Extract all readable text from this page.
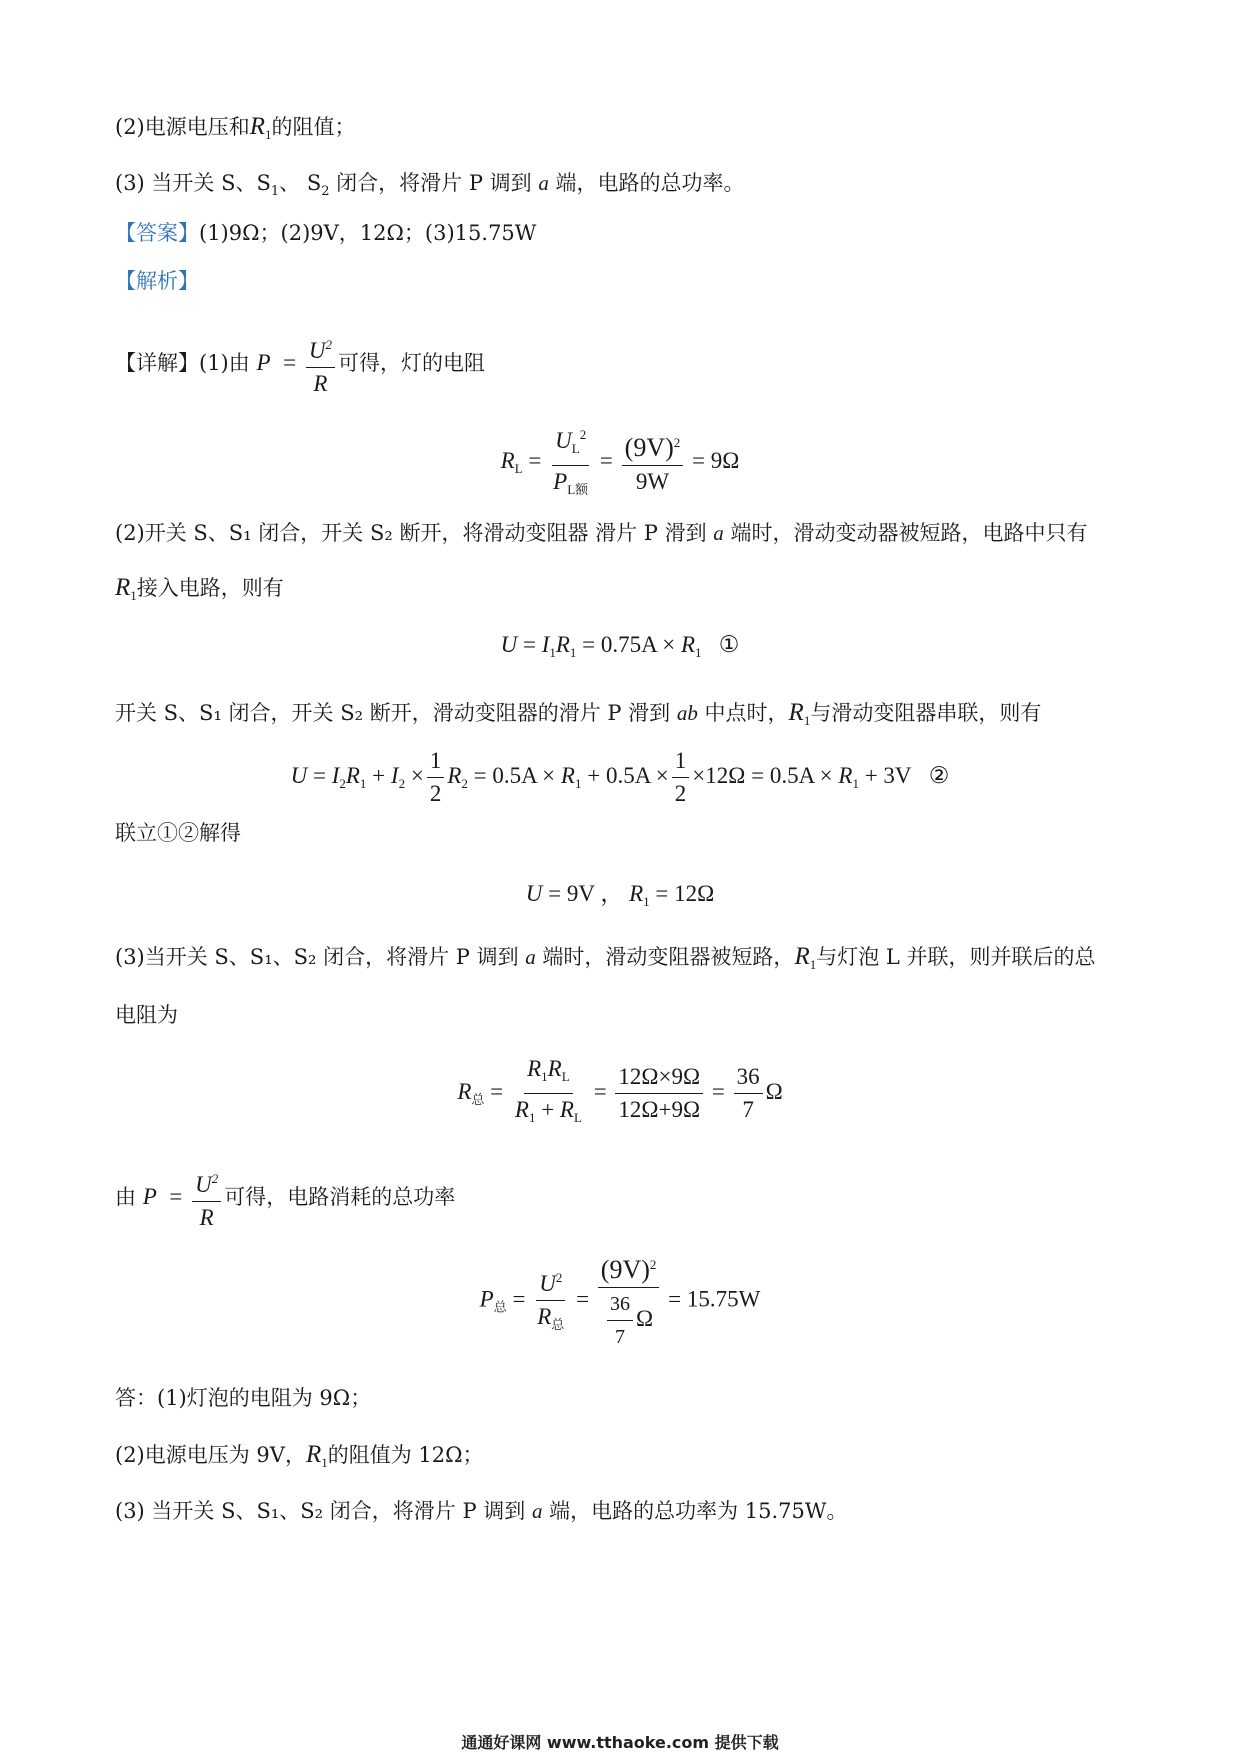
(2)电源电压和$R_1$的阻值；
(3) 当开关 S、$S_1$、 $S_2$ 闭合，将滑片 P 调到 a 端，电路的总功率。
【答案】(1)9Ω；(2)9V，12Ω；(3)15.75W
【解析】
【详解】(1)由 $P = \frac{U^2}{R}$ 可得，灯的电阻
$R_L = \frac{U_L^2}{P_{L额}} = \frac{(9V)^2}{9W} = 9\Omega$
(2)开关 S、S₁ 闭合，开关 S₂ 断开，将滑动变阻器 滑片 P 滑到 a 端时，滑动变动器被短路，电路中只有
$R_1$接入电路，则有
$U = I_1R_1 = 0.75A \times R_1$ ①
开关 S、S₁ 闭合，开关 S₂ 断开，滑动变阻器的滑片 P 滑到 ab 中点时，$R_1$与滑动变阻器串联，则有
$U = I_2R_1 + I_2 \times \frac{1}{2} R_2 = 0.5A \times R_1 + 0.5A \times \frac{1}{2} \times 12\Omega = 0.5A \times R_1 + 3V$ ②
联立①②解得
U = 9V ， $R_1 = 12\Omega$
(3)当开关 S、S₁、S₂ 闭合，将滑片 P 调到 a 端时，滑动变阻器被短路，$R_1$与灯泡 L 并联，则并联后的总
电阻为
$R_总 = \frac{R_1R_L}{R_1 + R_L} = \frac{12\Omega\times 9\Omega}{12\Omega+9\Omega} = \frac{36}{7}$ Ω
由 $P = \frac{U^2}{R}$ 可得，电路消耗的总功率
$P_总 = \frac{U^2}{R_总} = \frac{(9V)^2}{\frac{36}{7} \Omega} = 15.75W$
答：(1)灯泡的电阻为 9Ω；
(2)电源电压为 9V，$R_1$的阻值为 12Ω；
(3) 当开关 S、S₁、S₂ 闭合，将滑片 P 调到 a 端，电路的总功率为 15.75W。
通通好课网 www.tthaoke.com 提供下载
